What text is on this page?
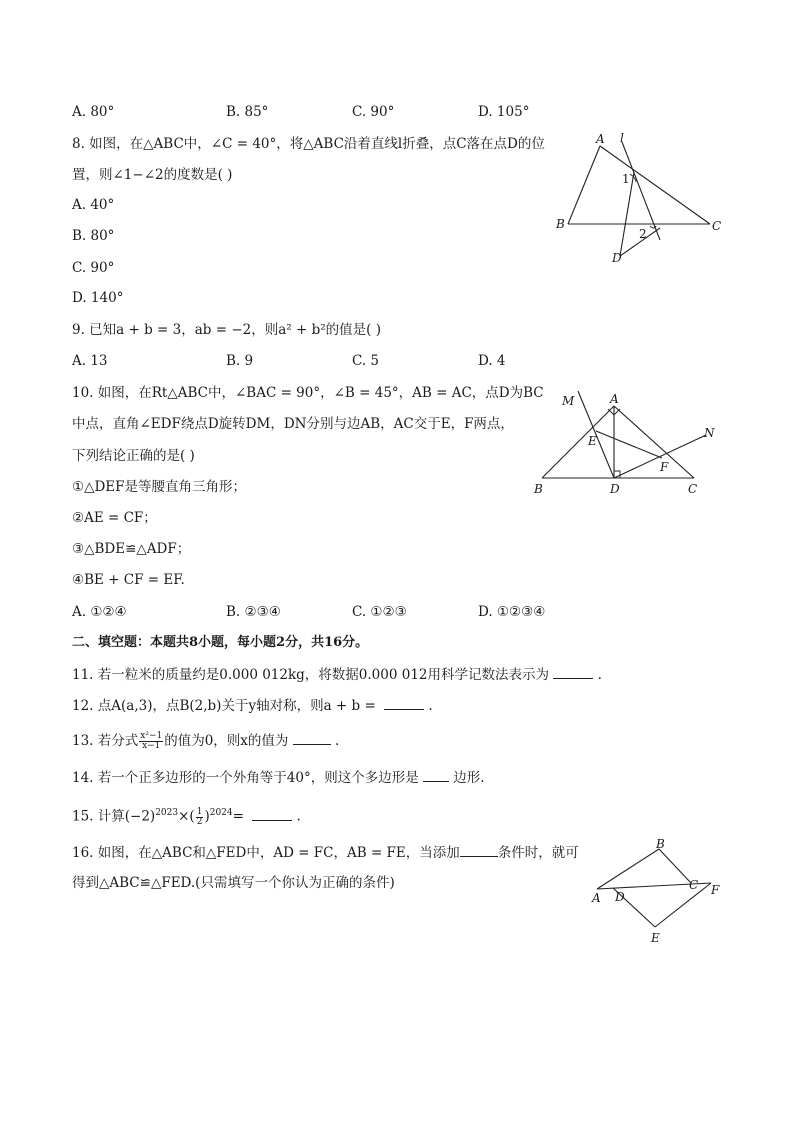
A. 80°	B. 85°	C. 90°	D. 105°
8. 如图，在△ABC中，∠C = 40°，将△ABC沿着直线l折叠，点C落在点D的位
置，则∠1−∠2的度数是( )
A. 40°
B. 80°
C. 90°
D. 140°
A l
1
2
B	C
D
9. 已知a + b = 3，ab = −2，则a² + b²的值是( )
A. 13	B. 9	C. 5	D. 4
10. 如图，在Rt△ABC中，∠BAC = 90°，∠B = 45°，AB = AC，点D为BC
中点，直角∠EDF绕点D旋转DM，DN分别与边AB，AC交于E，F两点，
下列结论正确的是( )
①△DEF是等腰直角三角形；
②AE = CF；
③△BDE≌△ADF；
④BE + CF = EF.
A. ①②④	B. ②③④	C. ①②③	D. ①②③④
M	A
E
N
F
B	D	C
二、填空题：本题共8小题，每小题2分，共16分。
11. 若一粒米的质量约是0.000 012kg，将数据0.000 012用科学记数法表示为	.
12. 点A(a,3)，点B(2,b)关于y轴对称，则a + b =	.
13. 若分式 $\frac{\text{x²−1}}{x-1}$ 的值为0，则x的值为	.
14. 若一个正多边形的一个外角等于40°，则这个多边形是	边形.
15. 计算$(-2)^{2023}\times( \frac{1}{2} )^{2024}=$	.
16. 如图，在△ABC和△FED中，AD = FC，AB = FE，当添加	条件时，就可
得到△ABC≌△FED.(只需填写一个你认为正确的条件)
B
C F
A D
E
